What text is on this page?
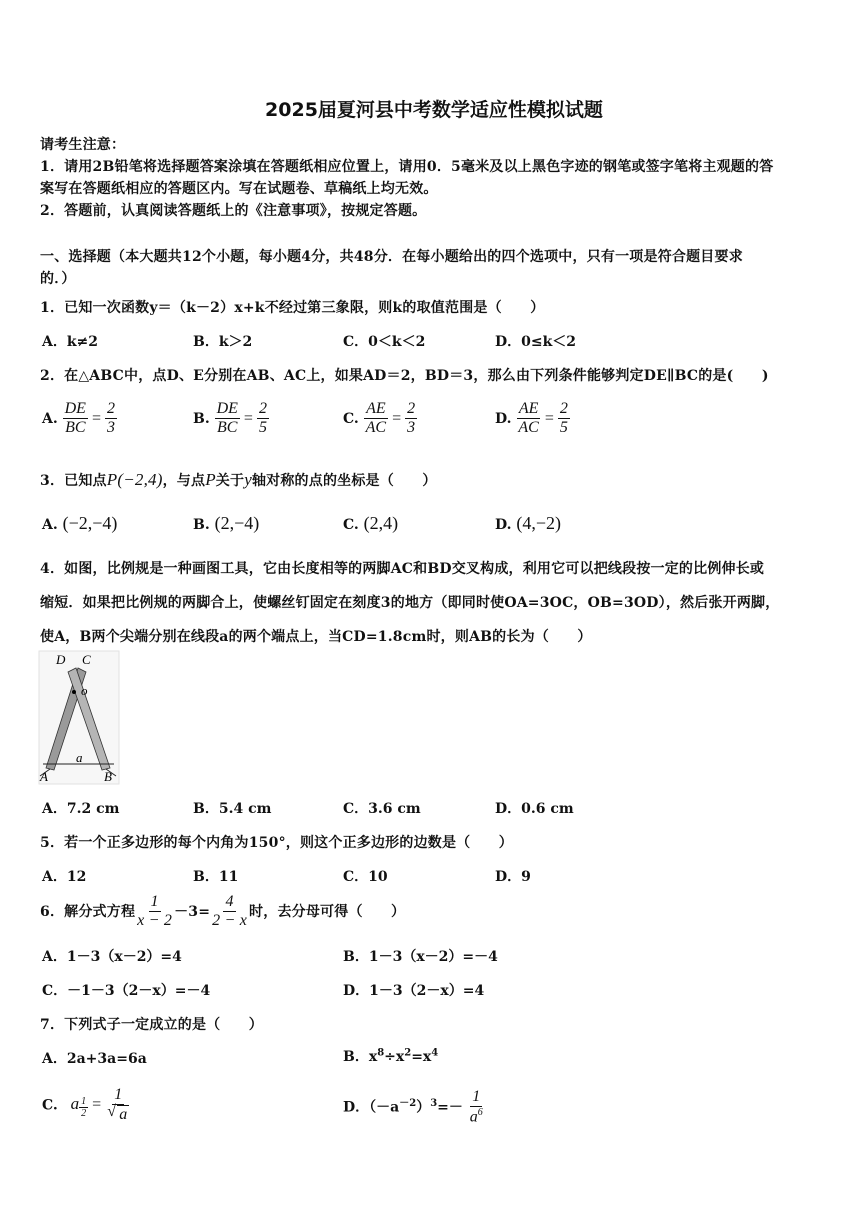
2025届夏河县中考数学适应性模拟试题
请考生注意：
1．请用2B铅笔将选择题答案涂填在答题纸相应位置上，请用0．5毫米及以上黑色字迹的钢笔或签字笔将主观题的答
案写在答题纸相应的答题区内。写在试题卷、草稿纸上均无效。
2．答题前，认真阅读答题纸上的《注意事项》，按规定答题。
一、选择题（本大题共12个小题，每小题4分，共48分．在每小题给出的四个选项中，只有一项是符合题目要求
的．）
1．已知一次函数y＝（k－2）x+k不经过第三象限，则k的取值范围是（　　）
A．k≠2	B．k＞2	C．0＜k＜2	D．0≤k＜2
2．在△ABC中，点D、E分别在AB、AC上，如果AD＝2，BD＝3，那么由下列条件能够判定DE∥BC的是(　　)
A. $\frac{DE}{BC} = \frac{2}{3}$	B. $\frac{DE}{BC} = \frac{2}{5}$	C. $\frac{AE}{AC} = \frac{2}{3}$	D. $\frac{AE}{AC} = \frac{2}{5}$
3．已知点P(−2,4)，与点P关于y轴对称的点的坐标是（　　）
A. (−2,−4)	B. (2,−4)	C. (2,4)	D. (4,−2)
4．如图，比例规是一种画图工具，它由长度相等的两脚AC和BD交叉构成，利用它可以把线段按一定的比例伸长或
缩短．如果把比例规的两脚合上，使螺丝钉固定在刻度3的地方（即同时使OA=3OC，OB=3OD），然后张开两脚，
使A，B两个尖端分别在线段a的两个端点上，当CD=1.8cm时，则AB的长为（　　）
D C
o
A
a
B
A．7.2 cm	B．5.4 cm	C．3.6 cm	D．0.6 cm
5．若一个正多边形的每个内角为150°，则这个正多边形的边数是（　　）
A．12	B．11	C．10	D．9
6．解分式方程 $\frac{1}{x - 2} -3= \frac{4}{2 - x}$ 时，去分母可得（　　）
A．1－3（x－2）=4	B．1－3（x－2）=－4
C．－1－3（2－x）=－4	D．1－3（2－x）=4
7．下列式子一定成立的是（　　）
A．2a+3a=6a	B．$x^8\div x^2=x^4$
C. a $\frac{1}{2} = 1$
√ a	D．$(-a^{-2})^3=- \frac{1}{a^6}$
